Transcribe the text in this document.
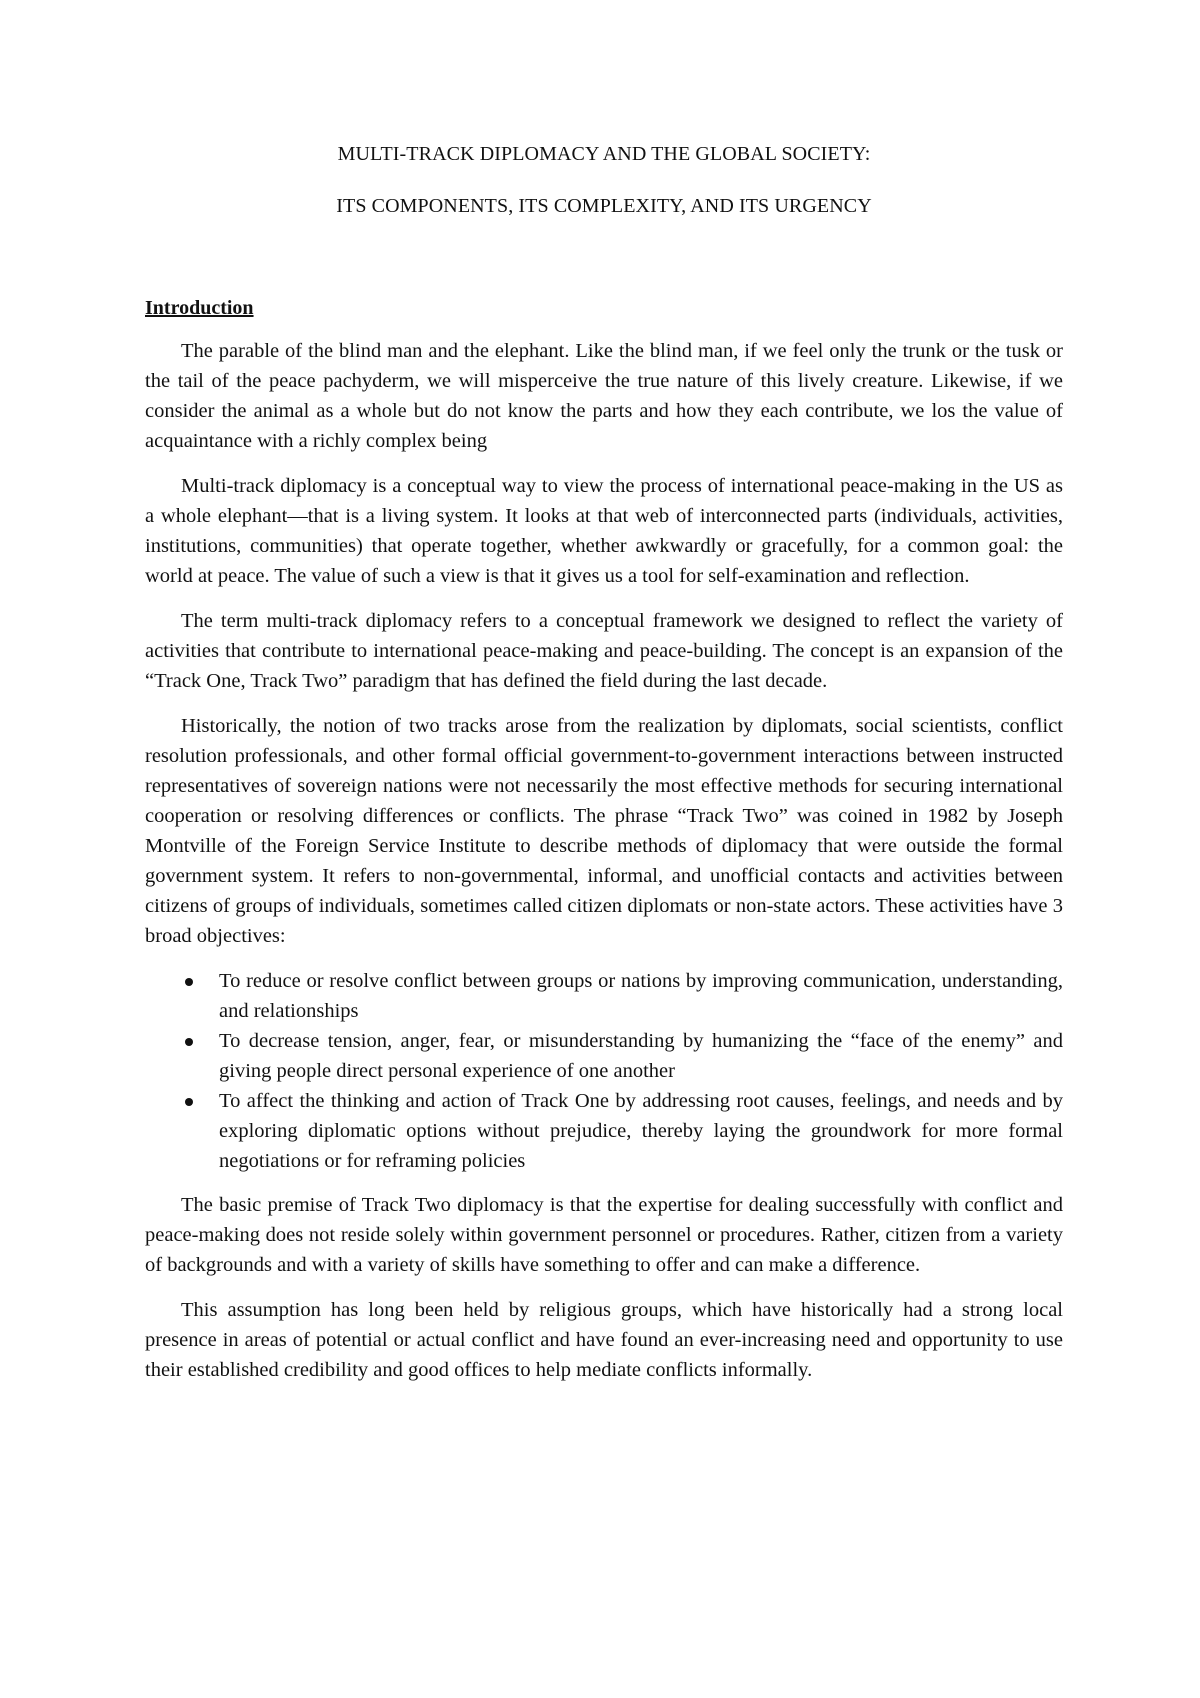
MULTI-TRACK DIPLOMACY AND THE GLOBAL SOCIETY:

ITS COMPONENTS, ITS COMPLEXITY, AND ITS URGENCY

Introduction

The parable of the blind man and the elephant. Like the blind man, if we feel only the trunk or the tusk or the tail of the peace pachyderm, we will misperceive the true nature of this lively creature. Likewise, if we consider the animal as a whole but do not know the parts and how they each contribute, we los the value of acquaintance with a richly complex being

Multi-track diplomacy is a conceptual way to view the process of international peace-making in the US as a whole elephant—that is a living system. It looks at that web of interconnected parts (individuals, activities, institutions, communities) that operate together, whether awkwardly or gracefully, for a common goal: the world at peace. The value of such a view is that it gives us a tool for self-examination and reflection.

The term multi-track diplomacy refers to a conceptual framework we designed to reflect the variety of activities that contribute to international peace-making and peace-building. The concept is an expansion of the “Track One, Track Two” paradigm that has defined the field during the last decade.

Historically, the notion of two tracks arose from the realization by diplomats, social scientists, conflict resolution professionals, and other formal official government-to-government interactions between instructed representatives of sovereign nations were not necessarily the most effective methods for securing international cooperation or resolving differences or conflicts. The phrase “Track Two” was coined in 1982 by Joseph Montville of the Foreign Service Institute to describe methods of diplomacy that were outside the formal government system. It refers to non-governmental, informal, and unofficial contacts and activities between citizens of groups of individuals, sometimes called citizen diplomats or non-state actors. These activities have 3 broad objectives:

To reduce or resolve conflict between groups or nations by improving communication, understanding, and relationships
To decrease tension, anger, fear, or misunderstanding by humanizing the “face of the enemy” and giving people direct personal experience of one another
To affect the thinking and action of Track One by addressing root causes, feelings, and needs and by exploring diplomatic options without prejudice, thereby laying the groundwork for more formal negotiations or for reframing policies

The basic premise of Track Two diplomacy is that the expertise for dealing successfully with conflict and peace-making does not reside solely within government personnel or procedures. Rather, citizen from a variety of backgrounds and with a variety of skills have something to offer and can make a difference.

This assumption has long been held by religious groups, which have historically had a strong local presence in areas of potential or actual conflict and have found an ever-increasing need and opportunity to use their established credibility and good offices to help mediate conflicts informally.
